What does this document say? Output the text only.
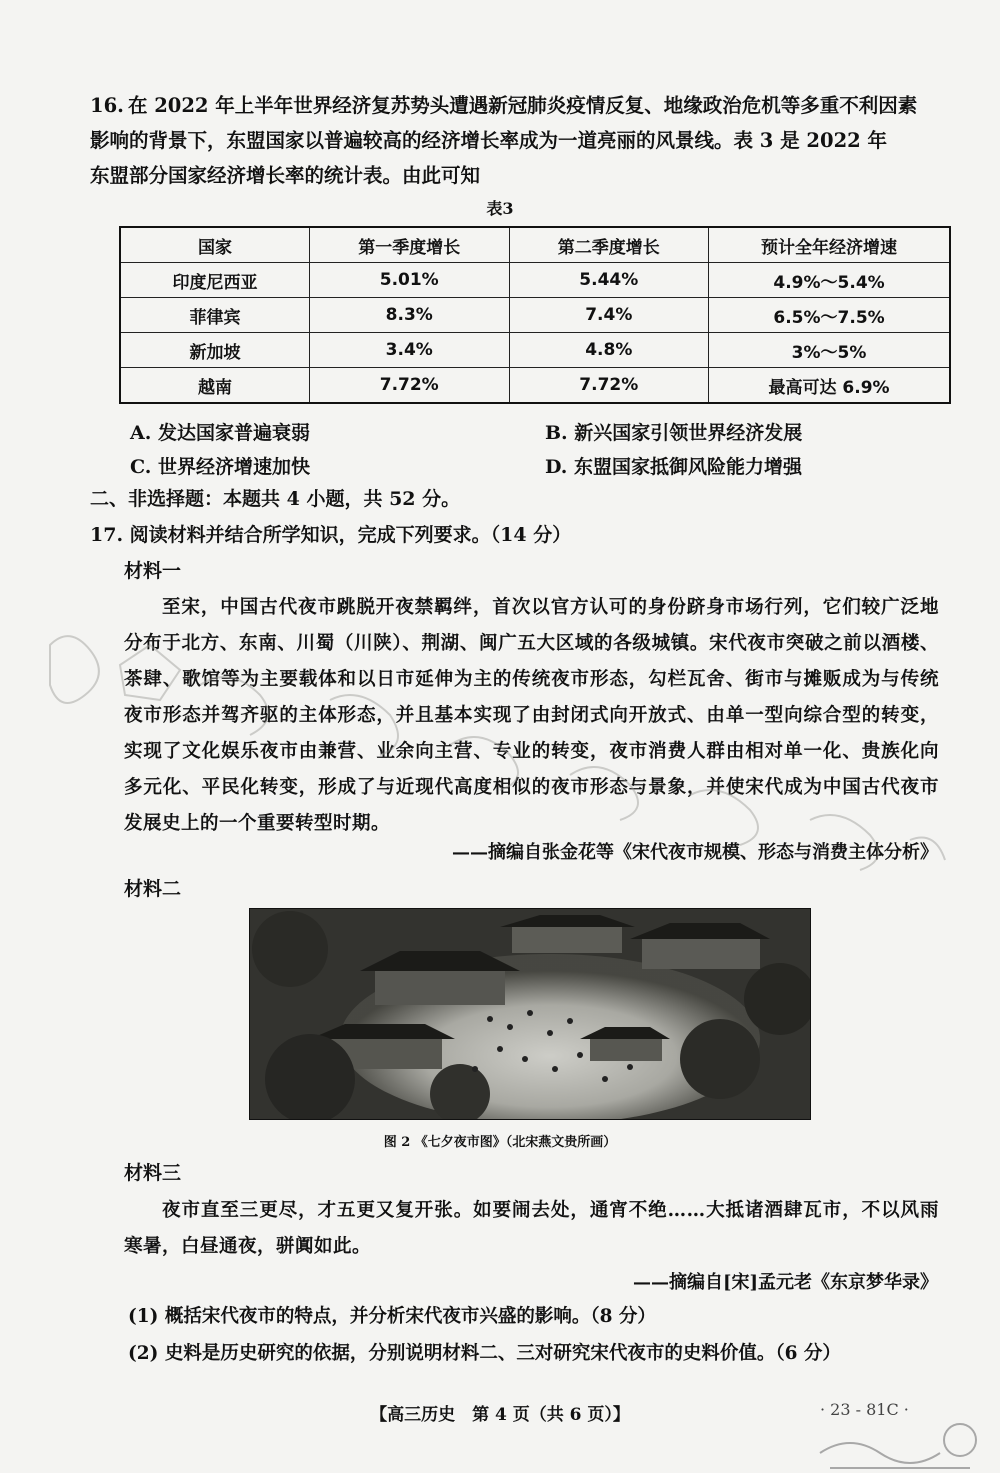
16. 在 2022 年上半年世界经济复苏势头遭遇新冠肺炎疫情反复、地缘政治危机等多重不利因素
影响的背景下，东盟国家以普遍较高的经济增长率成为一道亮丽的风景线。表 3 是 2022 年
东盟部分国家经济增长率的统计表。由此可知
表3
国家	第一季度增长	第二季度增长	预计全年经济增速
印度尼西亚	5.01%	5.44%	4.9%～5.4%
菲律宾	8.3%	7.4%	6.5%～7.5%
新加坡	3.4%	4.8%	3%～5%
越南	7.72%	7.72%	最高可达 6.9%
A. 发达国家普遍衰弱	B. 新兴国家引领世界经济发展
C. 世界经济增速加快	D. 东盟国家抵御风险能力增强
二、非选择题：本题共 4 小题，共 52 分。
17. 阅读材料并结合所学知识，完成下列要求。（14 分）
材料一
至宋，中国古代夜市跳脱开夜禁羁绊，首次以官方认可的身份跻身市场行列，它们较广泛地分布于北方、东南、川蜀（川陕）、荆湖、闽广五大区域的各级城镇。宋代夜市突破之前以酒楼、茶肆、歌馆等为主要载体和以日市延伸为主的传统夜市形态，勾栏瓦舍、街市与摊贩成为与传统夜市形态并驾齐驱的主体形态，并且基本实现了由封闭式向开放式、由单一型向综合型的转变，实现了文化娱乐夜市由兼营、业余向主营、专业的转变，夜市消费人群由相对单一化、贵族化向多元化、平民化转变，形成了与近现代高度相似的夜市形态与景象，并使宋代成为中国古代夜市发展史上的一个重要转型时期。
——摘编自张金花等《宋代夜市规模、形态与消费主体分析》
材料二
图 2 《七夕夜市图》（北宋燕文贵所画）
材料三
夜市直至三更尽，才五更又复开张。如要闹去处，通宵不绝……大抵诸酒肆瓦市，不以风雨寒暑，白昼通夜，骈阗如此。
——摘编自[宋]孟元老《东京梦华录》
(1) 概括宋代夜市的特点，并分析宋代夜市兴盛的影响。（8 分）
(2) 史料是历史研究的依据，分别说明材料二、三对研究宋代夜市的史料价值。（6 分）
【高三历史　第 4 页（共 6 页）】	· 23 - 81C ·
